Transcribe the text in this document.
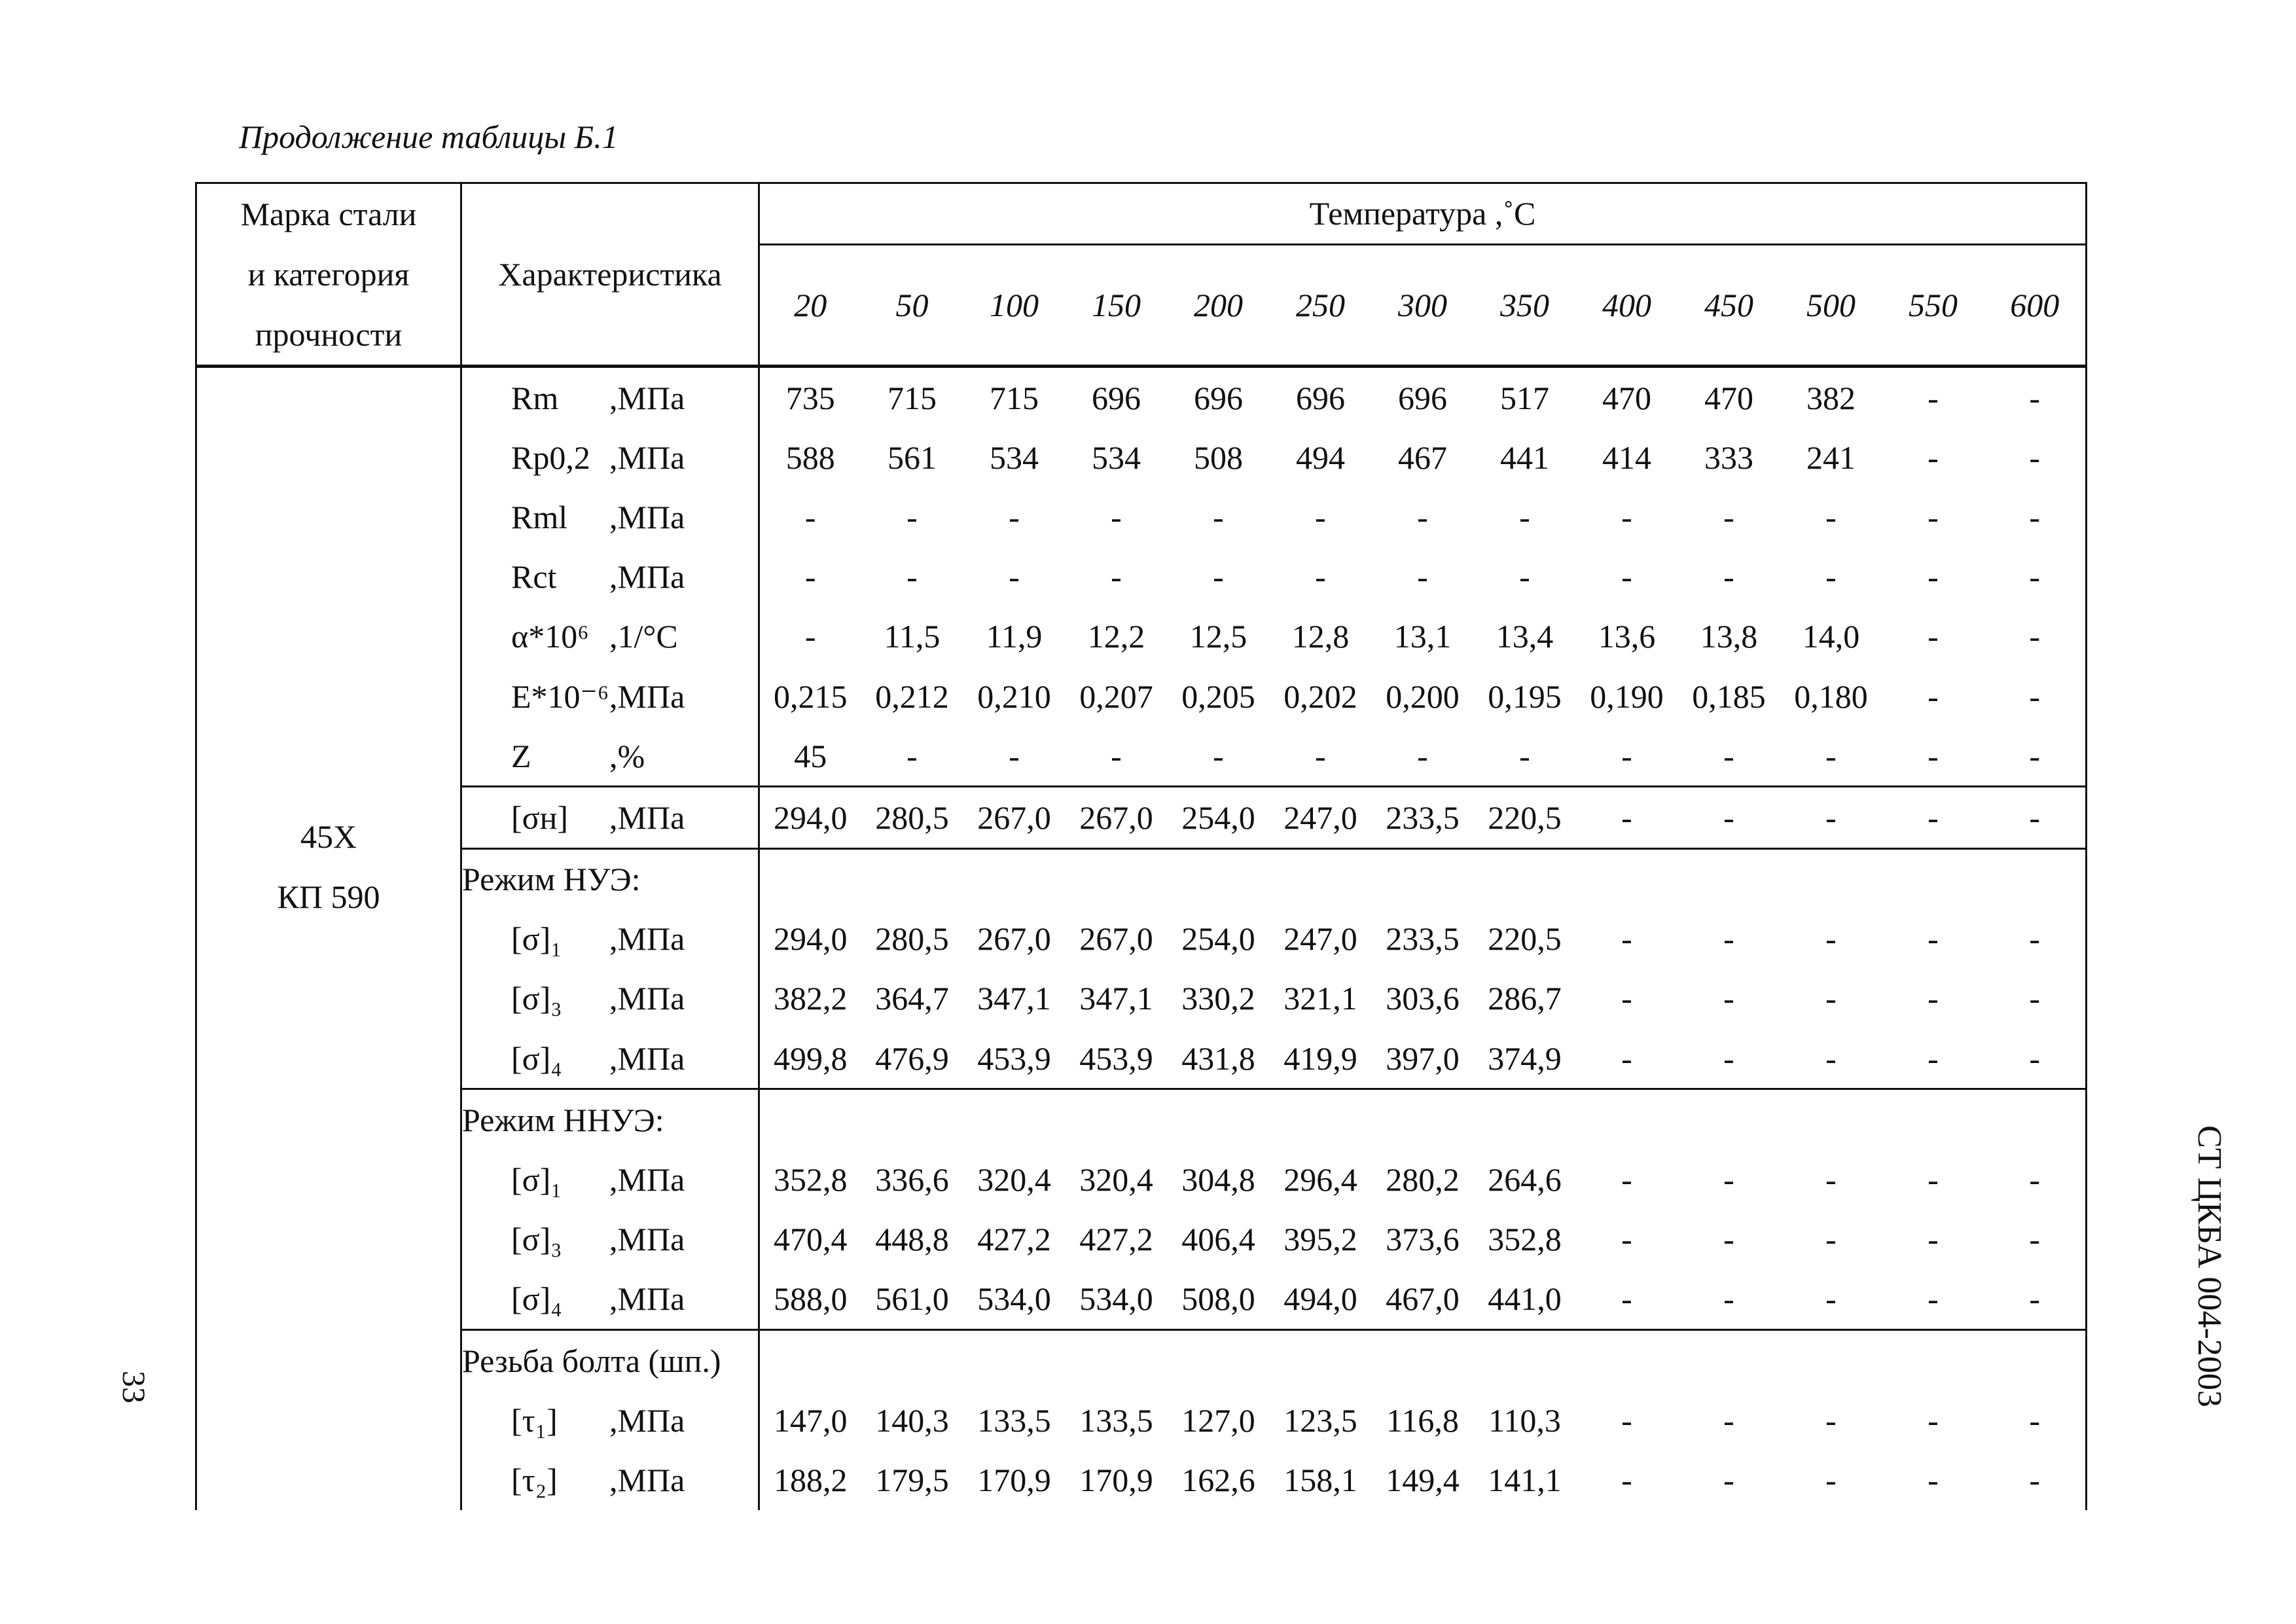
Продолжение таблицы Б.1
СТ ЦКБА 004-2003
33
Марка стали
и категория
прочности	Характеристика	Температура ,˚С												
		20	50	100	150	200	250	300	350	400	450	500	550	600

45Х
КП 590	Rm ,МПа	735	715	715	696	696	696	696	517	470	470	382	-	-
	Rp0,2 ,МПа	588	561	534	534	508	494	467	441	414	333	241	-	-
	Rml ,МПа	-	-	-	-	-	-	-	-	-	-	-	-	-
	Rct ,МПа	-	-	-	-	-	-	-	-	-	-	-	-	-
	α*10⁶ ,1/°С	-	11,5	11,9	12,2	12,5	12,8	13,1	13,4	13,6	13,8	14,0	-	-
	E*10⁻⁶,МПа	0,215	0,212	0,210	0,207	0,205	0,202	0,200	0,195	0,190	0,185	0,180	-	-
	Z ,%	45	-	-	-	-	-	-	-	-	-	-	-	-
	[σн] ,МПа	294,0	280,5	267,0	267,0	254,0	247,0	233,5	220,5	-	-	-	-	-
	Режим НУЭ:													
	[σ]₁ ,МПа	294,0	280,5	267,0	267,0	254,0	247,0	233,5	220,5	-	-	-	-	-
	[σ]₃ ,МПа	382,2	364,7	347,1	347,1	330,2	321,1	303,6	286,7	-	-	-	-	-
	[σ]₄ ,МПа	499,8	476,9	453,9	453,9	431,8	419,9	397,0	374,9	-	-	-	-	-
	Режим ННУЭ:													
	[σ]₁ ,МПа	352,8	336,6	320,4	320,4	304,8	296,4	280,2	264,6	-	-	-	-	-
	[σ]₃ ,МПа	470,4	448,8	427,2	427,2	406,4	395,2	373,6	352,8	-	-	-	-	-
	[σ]₄ ,МПа	588,0	561,0	534,0	534,0	508,0	494,0	467,0	441,0	-	-	-	-	-
	Резьба болта (шп.)													
	[τ₁] ,МПа	147,0	140,3	133,5	133,5	127,0	123,5	116,8	110,3	-	-	-	-	-
	[τ₂] ,МПа	188,2	179,5	170,9	170,9	162,6	158,1	149,4	141,1	-	-	-	-	-
